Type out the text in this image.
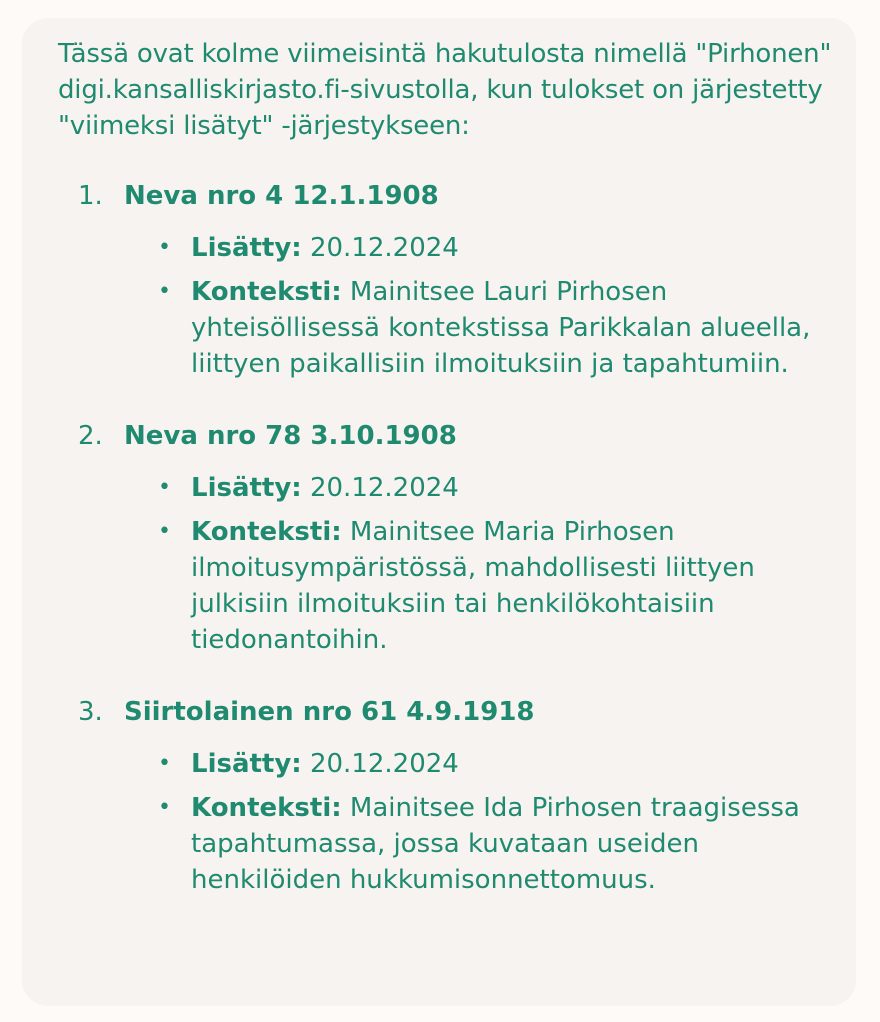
Tässä ovat kolme viimeisintä hakutulosta nimellä "Pirhonen" digi.kansalliskirjasto.fi-sivustolla, kun tulokset on järjestetty "viimeksi lisätyt" -järjestykseen:

1. Neva nro 4 12.1.1908
• Lisätty: 20.12.2024
• Konteksti: Mainitsee Lauri Pirhosen yhteisöllisessä kontekstissa Parikkalan alueella, liittyen paikallisiin ilmoituksiin ja tapahtumiin.
2. Neva nro 78 3.10.1908
• Lisätty: 20.12.2024
• Konteksti: Mainitsee Maria Pirhosen ilmoitusympäristössä, mahdollisesti liittyen julkisiin ilmoituksiin tai henkilökohtaisiin tiedonantoihin.
3. Siirtolainen nro 61 4.9.1918
• Lisätty: 20.12.2024
• Konteksti: Mainitsee Ida Pirhosen traagisessa tapahtumassa, jossa kuvataan useiden henkilöiden hukkumisonnettomuus.
